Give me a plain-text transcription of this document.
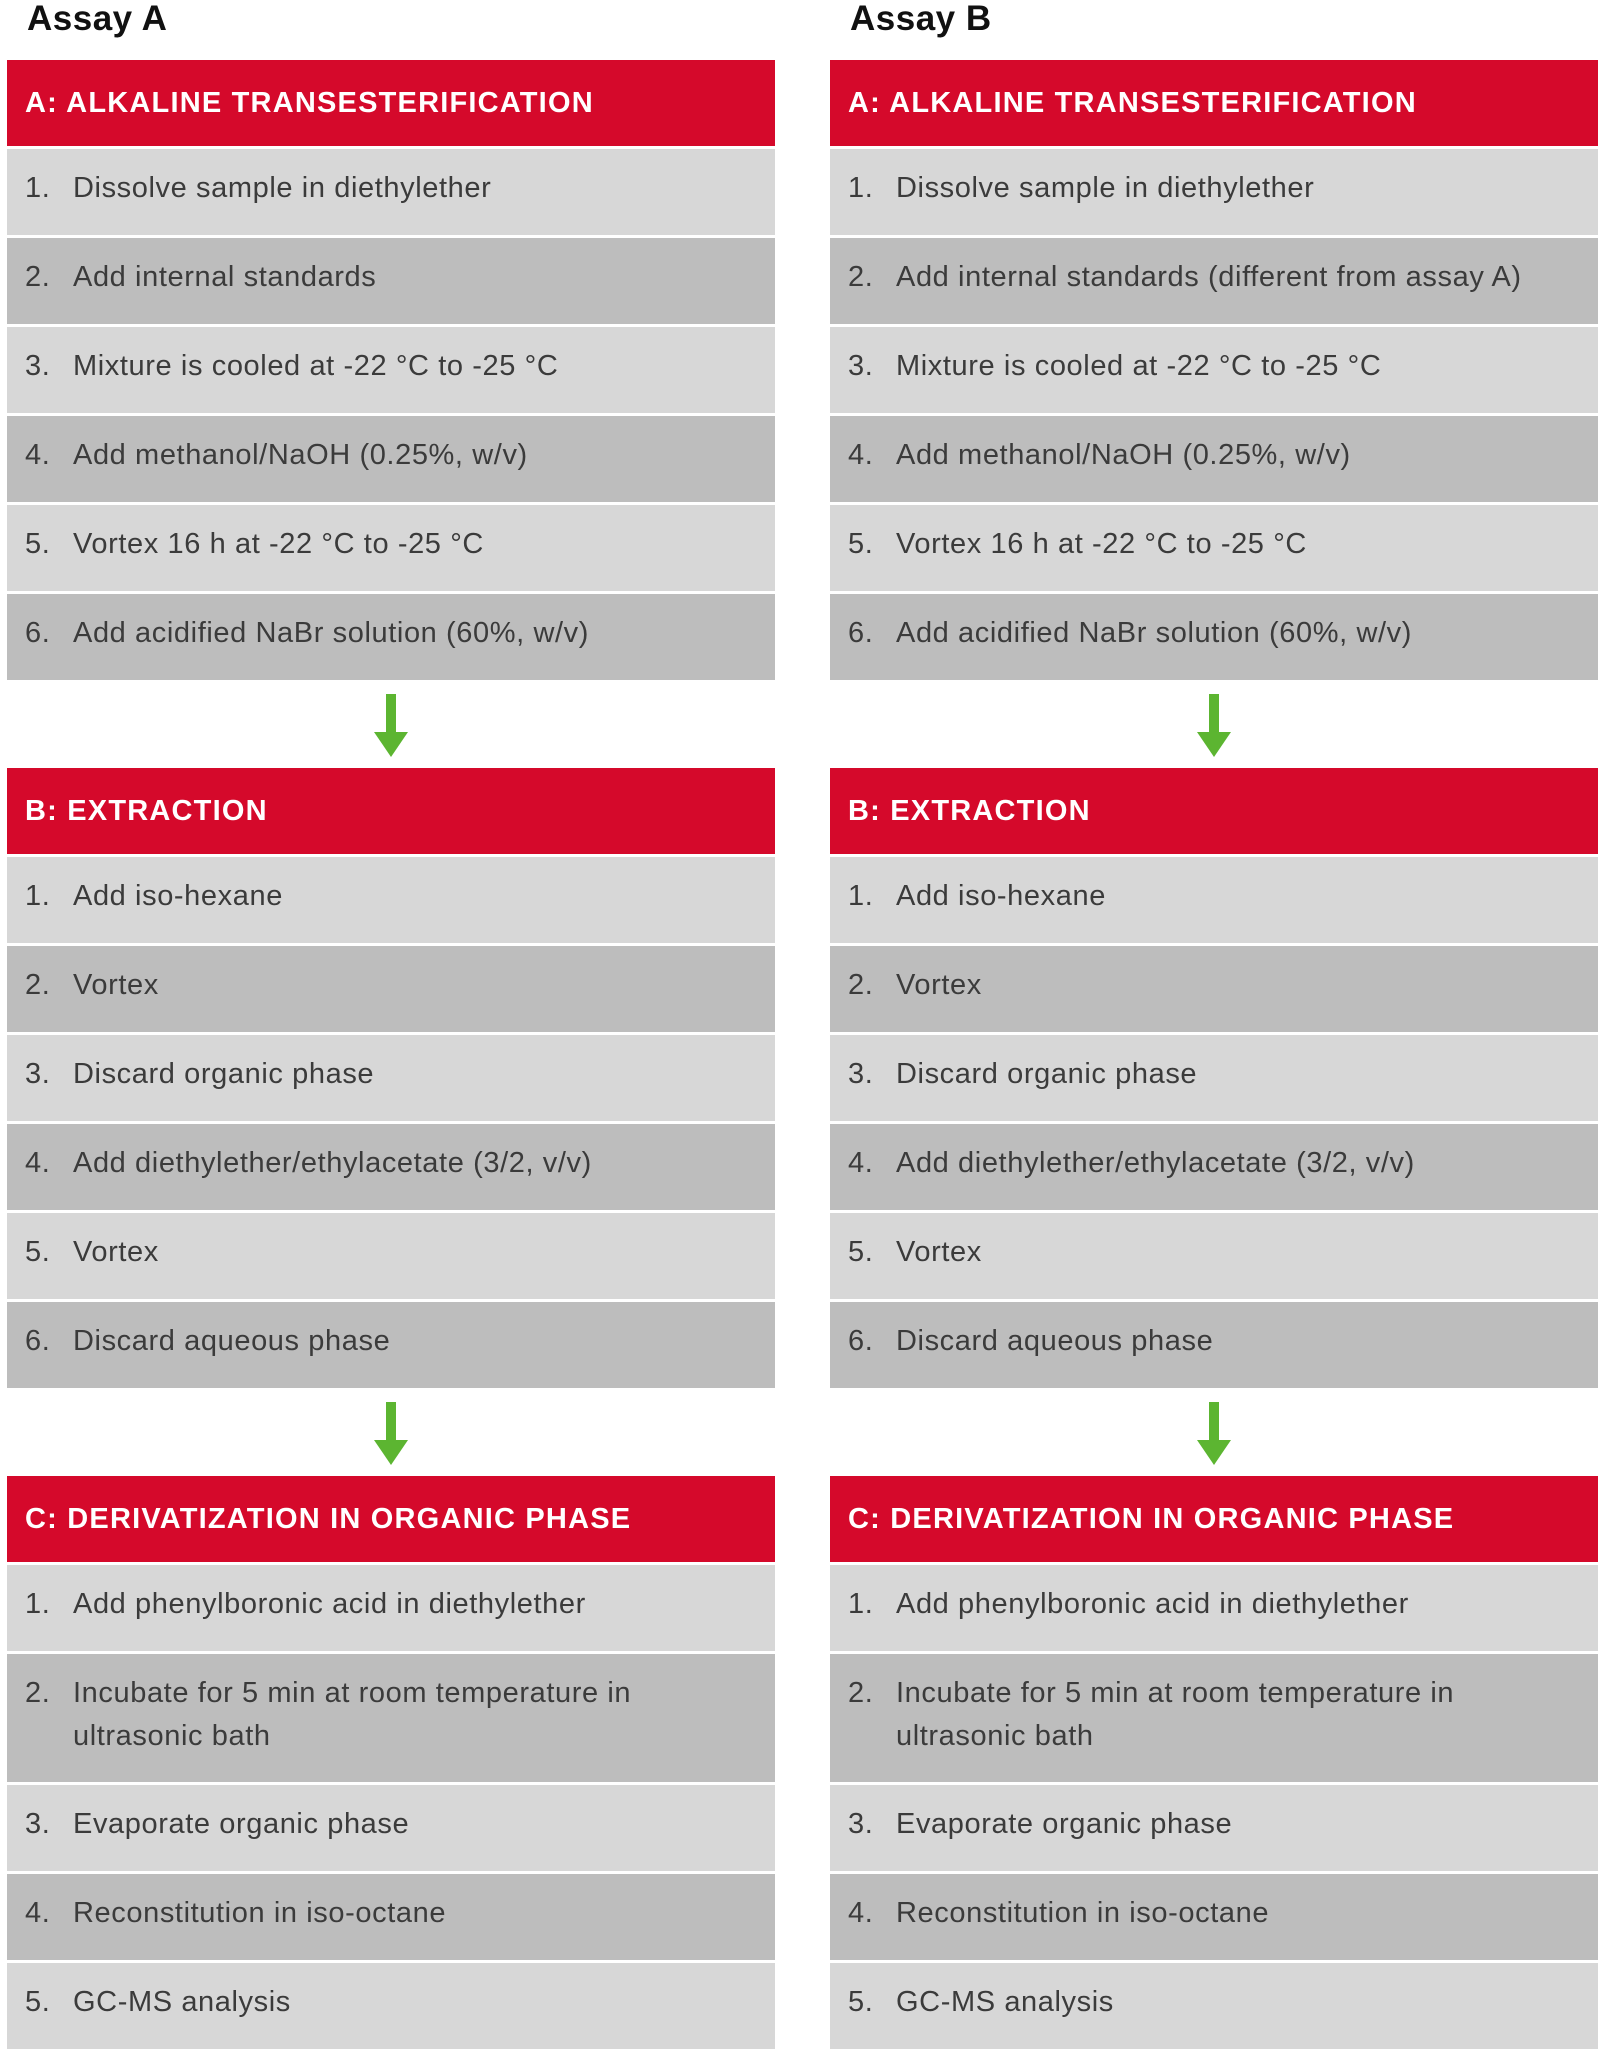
Assay A
A: ALKALINE TRANSESTERIFICATION
1. Dissolve sample in diethylether
2. Add internal standards
3. Mixture is cooled at -22 °C to -25 °C
4. Add methanol/NaOH (0.25%, w/v)
5. Vortex 16 h at -22 °C to -25 °C
6. Add acidified NaBr solution (60%, w/v)
B: EXTRACTION
1. Add iso-hexane
2. Vortex
3. Discard organic phase
4. Add diethylether/ethylacetate (3/2, v/v)
5. Vortex
6. Discard aqueous phase
C: DERIVATIZATION IN ORGANIC PHASE
1. Add phenylboronic acid in diethylether
2. Incubate for 5 min at room temperature in ultrasonic bath
3. Evaporate organic phase
4. Reconstitution in iso-octane
5. GC-MS analysis
Assay B
A: ALKALINE TRANSESTERIFICATION
1. Dissolve sample in diethylether
2. Add internal standards (different from assay A)
3. Mixture is cooled at -22 °C to -25 °C
4. Add methanol/NaOH (0.25%, w/v)
5. Vortex 16 h at -22 °C to -25 °C
6. Add acidified NaBr solution (60%, w/v)
B: EXTRACTION
1. Add iso-hexane
2. Vortex
3. Discard organic phase
4. Add diethylether/ethylacetate (3/2, v/v)
5. Vortex
6. Discard aqueous phase
C: DERIVATIZATION IN ORGANIC PHASE
1. Add phenylboronic acid in diethylether
2. Incubate for 5 min at room temperature in ultrasonic bath
3. Evaporate organic phase
4. Reconstitution in iso-octane
5. GC-MS analysis
